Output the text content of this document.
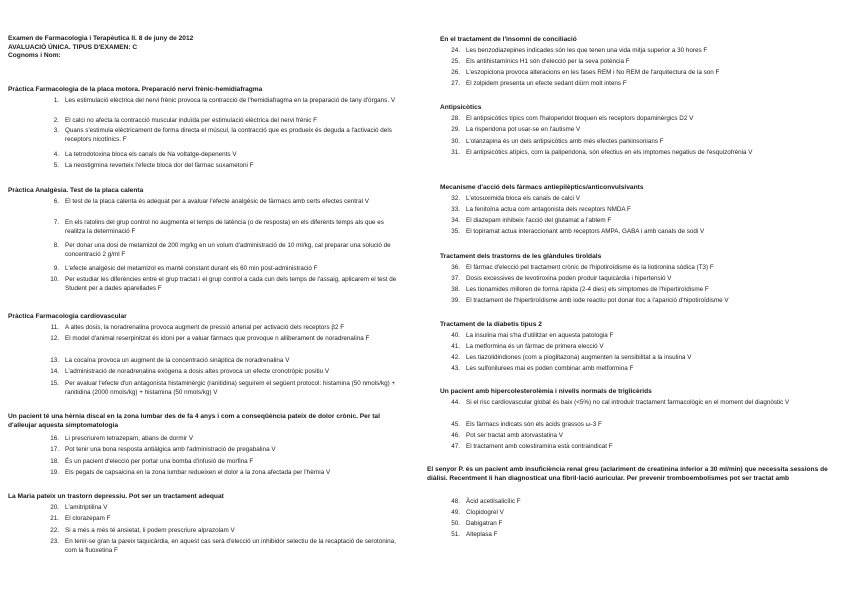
Examen de Farmacologia i Terapèutica II. 8 de juny de 2012
AVALUACIÓ ÚNICA. TIPUS D'EXAMEN: C
Cognoms i Nom:
Pràctica Farmacologia de la placa motora. Preparació nervi frènic-hemidiafragma
1. Les estimulació elèctrica del nervi frènic provoca la contracció de l'hemidiafragma en la preparació de tany d'órgans. V
2. El calci no afecta la contracció muscular induïda per estimulació elèctrica del nervi frènic F
3. Quans s'estimula elèctricament de forma directa el múscul, la contracció que es produeix és deguda a l'activació dels receptors nicotínics. F
4. La tetrodotoxina bloca els canals de Na voltatge-depenents V
5. La neostigmina reverteix l'efecte bloca dor del fàrmac suxametoni F
Pràctica Analgèsia. Test de la placa calenta
6. El test de la placa calenta és adequat per a avaluar l'efecte analgèsic de fàrmacs amb certs efectes central V
7. En els ratolins del grup control no augmenta el temps de latència (o de resposta) en els diferents temps als que es realitza la determinació F
8. Per donar una dosi de metamizol de 200 mg/kg en un volum d'administració de 10 ml/kg, cal preparar una solució de concentració 2 g/ml F
9. L'efecte analgèsic del metamizol es manté constant durant els 60 min post-administració F
10. Per estudiar les diferències entre el grup tractat i el grup control a cada cun dels temps de l'assaig, aplicarem el test de Student per a dades aparellades F
Pràctica Farmacologia cardiovascular
11. A altes dosis, la noradrenalina provoca augment de pressió arterial per activació dels receptors β2 F
12. El model d'animal reserpinitzat és idoni per a valuar fàrmacs que provoque n alliberament de noradrenalina F
13. La cocaïna provoca un augment de la concentració sinàptica de noradrenalina V
14. L'administració de noradrenalina exògena a dosis altes provoca un efecte cronotròpic positiu V
15. Per avaluar l'efecte d'un antagonista histaminèrgic (ranitidina) seguirem el següent protocol: histamina (50 nmols/kg) + ranitidina (2000 nmols/kg) + histamina (50 nmols/kg) V
Un pacient té una hèrnia discal en la zona lumbar des de fa 4 anys i com a conseqüència pateix de dolor crònic. Per tal d'alleujar aquesta simptomatologia
16. Li prescriurem tetrazepam, abans de dormir V
17. Pot tenir una bona resposta antiàlgica amb l'administració de pregabalina V
18. És un pacient d'elecció per portar una bomba d'infusió de morfina F
19. Els pegats de capsaicina en la zona lumbar redueixen el dolor a la zona afectada per l'hèrnia V
La Maria pateix un trastorn depressiu. Pot ser un tractament adequat
20. L'amitriptilina V
21. El clorazepam F
22. Si a més a més té ansietat, li podem prescriure alprazolam V
23. En tenir-se gran la pareix taquicàrdia, en aquest cas serà d'elecció un inhibidor selectiu de la recaptació de serotonina, com la fluoxetina F
En el tractament de l'insomni de conciliació
24. Les benzodiazepines indicades són les que tenen una vida mitja superior a 30 hores F
25. Els antihistamínics H1 són d'elecció per la seva potència F
26. L'eszopiclona provoca alteracions en les fases REM i No REM de l'arquitectura de la son F
27. El zolpidem presenta un efecte sedant diürn molt intens F
Antipsicòtics
28. El antipsicòtics típics com l'haloperidol bloquen els receptors dopaminèrgics D2 V
29. La risperidona pot usar-se en l'autisme V
30. L'olanzapina és un dels antipsicòtics amb més efectes parkinsonians F
31. El antipsicòtics atípics, com la paliperidona, són efectius en els imptomes negatius de l'esquizofrènia V
Mecanisme d'acció dels fàrmacs antiepilèptics/anticonvulsivants
32. L'etosuximida bloca els canals de calci V
33. La fenitoïna actua com antagonista dels receptors NMDA F
34. El diazepam inhibeix l'acció del glutamat a l'ablem F
35. El topiramat actua interaccionant amb receptors AMPA, GABA i amb canals de sodi V
Tractament dels trastorns de les glàndules tiroïdals
36. El fàrmac d'elecció pel tractament crònic de l'hipotiroïdisme és la liotironina sòdica (T3) F
37. Dosis excessives de levotiroxina poden produir taquicàrdia i hipertensió V
38. Les tionamides milloren de forma ràpida (2-4 dies) els símptomes de l'hipertiroïdisme F
39. El tractament de l'hipertiroïdisme amb iode reactiu pot donar lloc a l'aparició d'hipotiroïdisme V
Tractament de la diabetis tipus 2
40. La insulina mai s'ha d'utilitzar en aquesta patologia F
41. La metformina és un fàrmac de primera elecció V
42. Les tiazolidindiones (com a pioglitazona) augmenten la sensibilitat a la insulina V
43. Les sulfonilurees mai es poden combinar amb metformina F
Un pacient amb hipercolesterolèmia i nivells normals de triglicèrids
44. Si el risc cardiovascular global és baix (<5%) no cal introduir tractament farmacològic en el moment del diagnòstic V
45. Els fàrmacs indicats són els àcids grassos ω-3 F
46. Pot ser tractat amb atorvastatina V
47. El tractament amb colestiramina està contraindicat F
El senyor P. és un pacient amb insuficiència renal greu (aclariment de creatinina inferior a 30 ml/min) que necessita sessions de diàlisi. Recentment li han diagnosticat una fibril·lació auricular. Per prevenir tromboembolismes pot ser tractat amb
48. Àcid acetilsalicílic F
49. Clopidogrel V
50. Dabigatran F
51. Alteplasa F
